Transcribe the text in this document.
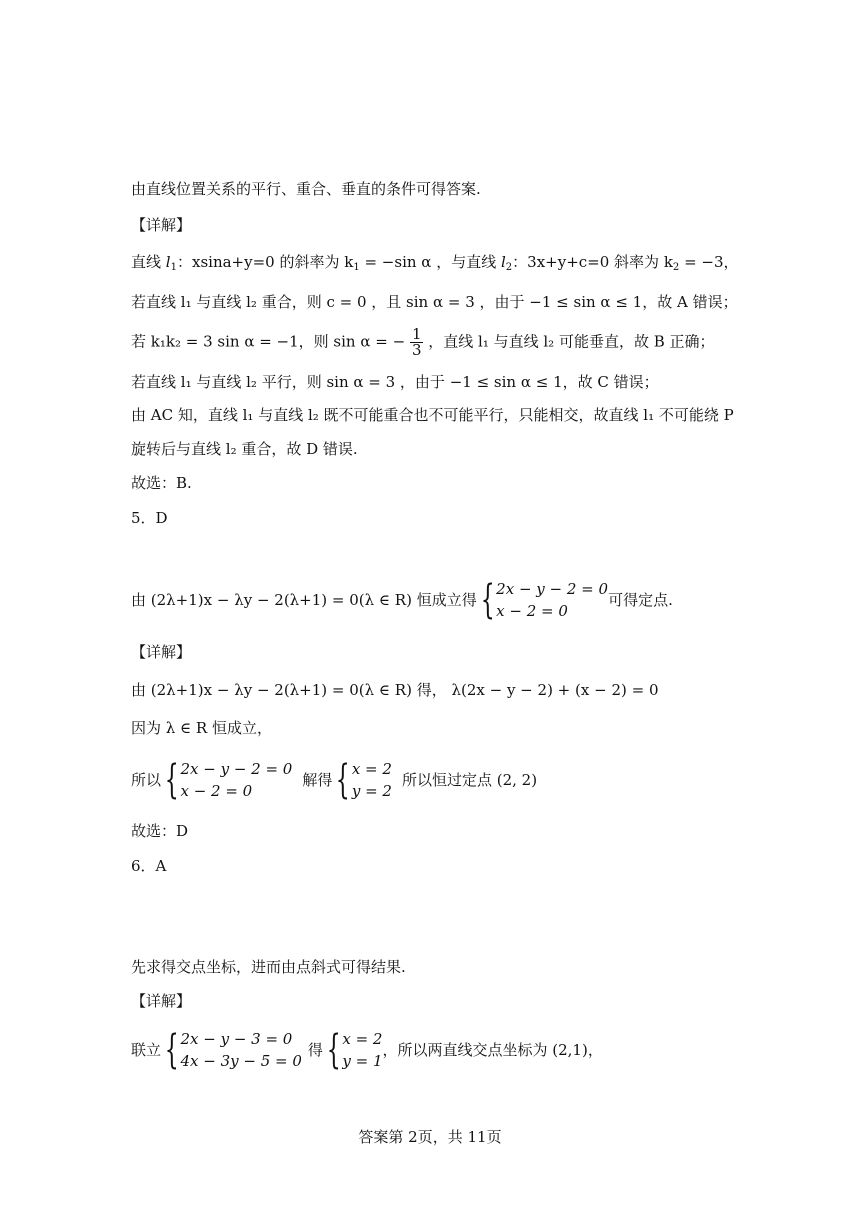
由直线位置关系的平行、重合、垂直的条件可得答案.
【详解】
直线 $l_1$：xsina+y=0 的斜率为 $k_1 = -\sin$ α ，与直线 $l_2$：3x+y+c=0 斜率为 $k_2 = -3$，
若直线 l₁ 与直线 l₂ 重合，则 c = 0 ，且 sin α = 3 ，由于 −1 ≤ sin α ≤ 1，故 A 错误；
若 k₁k₂ = 3 sin α = −1，则 sin α = − $\frac{1}{3}$ ，直线 l₁ 与直线 l₂ 可能垂直，故 B 正确；
若直线 l₁ 与直线 l₂ 平行，则 sin α = 3 ，由于 −1 ≤ sin α ≤ 1，故 C 错误；
由 AC 知，直线 l₁ 与直线 l₂ 既不可能重合也不可能平行，只能相交，故直线 l₁ 不可能绕 P
旋转后与直线 l₂ 重合，故 D 错误.
故选：B.
5．D
由 (2λ+1)x − λy − 2(λ+1) = 0(λ ∈ R) 恒成立得 { 2x − y − 2 = 0
x − 2 = 0
可得定点.
【详解】
由 (2λ+1)x − λy − 2(λ+1) = 0(λ ∈ R) 得， λ(2x − y − 2) + (x − 2) = 0
因为 λ ∈ R 恒成立，
所以 { 2x − y − 2 = 0
x − 2 = 0
解得 { x = 2
y = 2
所以恒过定点 (2, 2)
故选：D
6．A
先求得交点坐标，进而由点斜式可得结果.
【详解】
联立 { 2x − y − 3 = 0
4x − 3y − 5 = 0
得 { x = 2
y = 1
，所以两直线交点坐标为 (2,1)，
答案第 2页，共 11页
